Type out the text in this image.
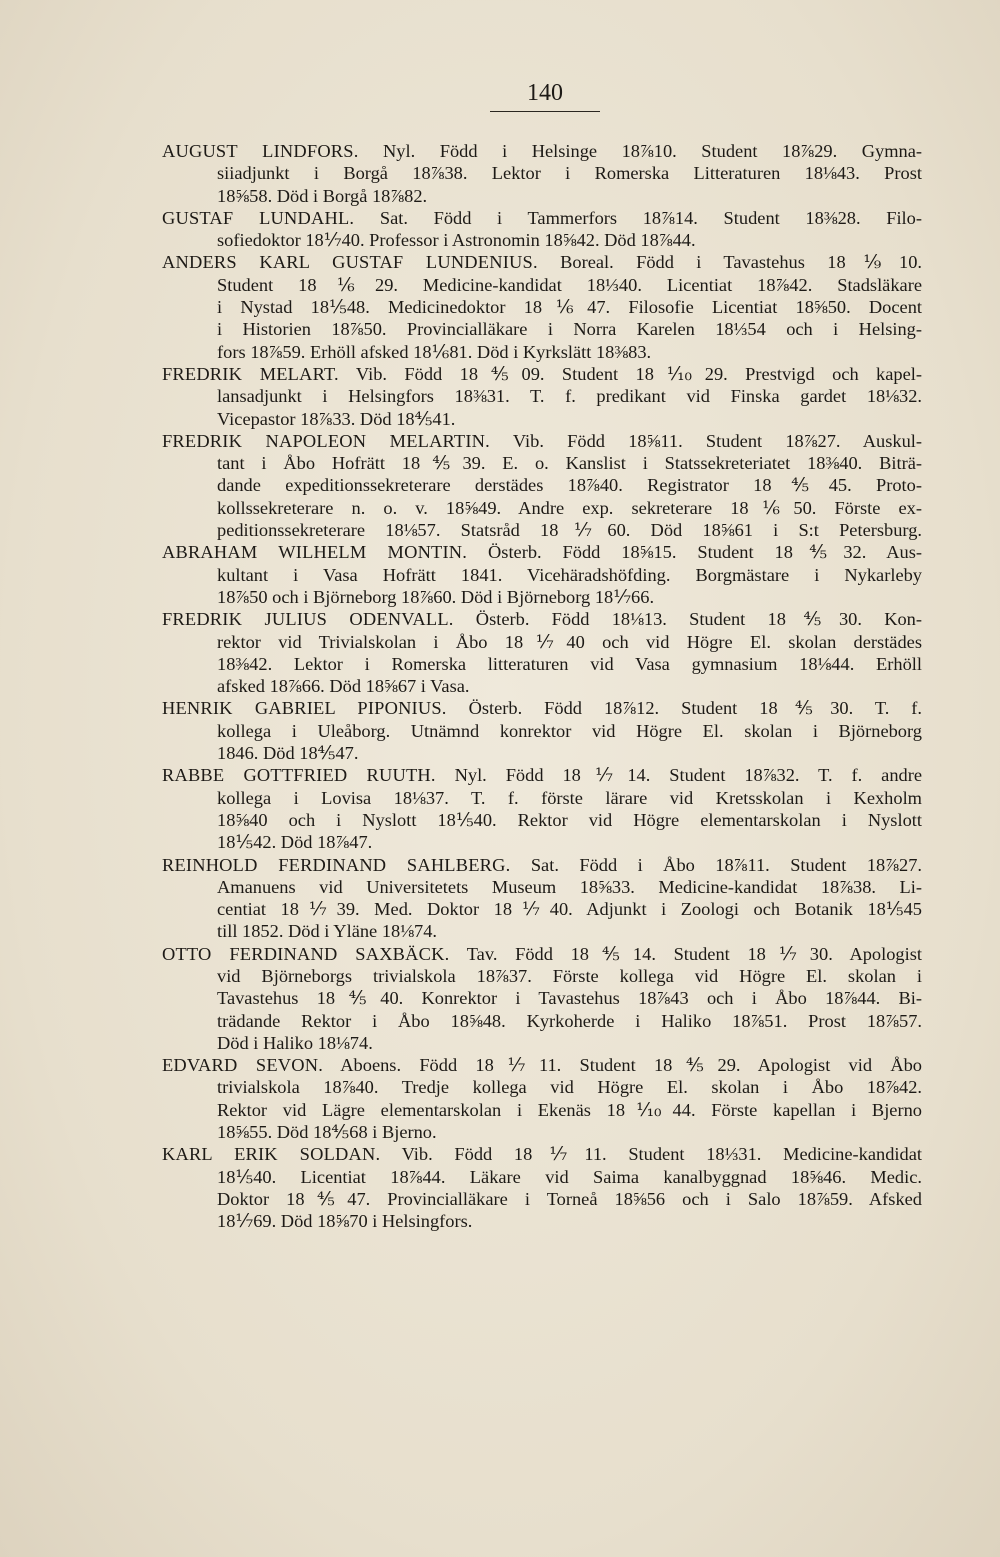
140
AUGUST LINDFORS. Nyl. Född i Helsinge 18⅞10. Student 18⅞29. Gymna-
siiadjunkt i Borgå 18⅞38. Lektor i Romerska Litteraturen 18⅛43. Prost
18⅝58. Död i Borgå 18⅞82.
GUSTAF LUNDAHL. Sat. Född i Tammerfors 18⅞14. Student 18⅜28. Filo-
sofiedoktor 18⅐40. Professor i Astronomin 18⅝42. Död 18⅞44.
ANDERS KARL GUSTAF LUNDENIUS. Boreal. Född i Tavastehus 18⅑10.
Student 18⅙29. Medicine-kandidat 18⅓40. Licentiat 18⅞42. Stadsläkare
i Nystad 18⅕48. Medicinedoktor 18⅙47. Filosofie Licentiat 18⅝50. Docent
i Historien 18⅞50. Provincialläkare i Norra Karelen 18⅓54 och i Helsing-
fors 18⅞59. Erhöll afsked 18⅙81. Död i Kyrkslätt 18⅜83.
FREDRIK MELART. Vib. Född 18⅘09. Student 18⅒29. Prestvigd och kapel-
lansadjunkt i Helsingfors 18⅜31. T. f. predikant vid Finska gardet 18⅛32.
Vicepastor 18⅞33. Död 18⅘41.
FREDRIK NAPOLEON MELARTIN. Vib. Född 18⅝11. Student 18⅞27. Auskul-
tant i Åbo Hofrätt 18⅘39. E. o. Kanslist i Statssekreteriatet 18⅜40. Biträ-
dande expeditionssekreterare derstädes 18⅞40. Registrator 18⅘45. Proto-
kollssekreterare n. o. v. 18⅝49. Andre exp. sekreterare 18⅙50. Förste ex-
peditionssekreterare 18⅛57. Statsråd 18⅐60. Död 18⅝61 i S:t Petersburg.
ABRAHAM WILHELM MONTIN. Österb. Född 18⅝15. Student 18⅘32. Aus-
kultant i Vasa Hofrätt 1841. Vicehäradshöfding. Borgmästare i Nykarleby
18⅞50 och i Björneborg 18⅞60. Död i Björneborg 18⅐66.
FREDRIK JULIUS ODENVALL. Österb. Född 18⅛13. Student 18⅘30. Kon-
rektor vid Trivialskolan i Åbo 18⅐40 och vid Högre El. skolan derstädes
18⅜42. Lektor i Romerska litteraturen vid Vasa gymnasium 18⅛44. Erhöll
afsked 18⅞66. Död 18⅝67 i Vasa.
HENRIK GABRIEL PIPONIUS. Österb. Född 18⅞12. Student 18⅘30. T. f.
kollega i Uleåborg. Utnämnd konrektor vid Högre El. skolan i Björneborg
1846. Död 18⅘47.
RABBE GOTTFRIED RUUTH. Nyl. Född 18⅐14. Student 18⅞32. T. f. andre
kollega i Lovisa 18⅛37. T. f. förste lärare vid Kretsskolan i Kexholm
18⅝40 och i Nyslott 18⅕40. Rektor vid Högre elementarskolan i Nyslott
18⅕42. Död 18⅞47.
REINHOLD FERDINAND SAHLBERG. Sat. Född i Åbo 18⅞11. Student 18⅞27.
Amanuens vid Universitetets Museum 18⅝33. Medicine-kandidat 18⅞38. Li-
centiat 18⅐39. Med. Doktor 18⅐40. Adjunkt i Zoologi och Botanik 18⅕45
till 1852. Död i Yläne 18⅛74.
OTTO FERDINAND SAXBÄCK. Tav. Född 18⅘14. Student 18⅐30. Apologist
vid Björneborgs trivialskola 18⅞37. Förste kollega vid Högre El. skolan i
Tavastehus 18⅘40. Konrektor i Tavastehus 18⅞43 och i Åbo 18⅞44. Bi-
trädande Rektor i Åbo 18⅝48. Kyrkoherde i Haliko 18⅞51. Prost 18⅞57.
Död i Haliko 18⅛74.
EDVARD SEVON. Aboens. Född 18⅐11. Student 18⅘29. Apologist vid Åbo
trivialskola 18⅞40. Tredje kollega vid Högre El. skolan i Åbo 18⅞42.
Rektor vid Lägre elementarskolan i Ekenäs 18⅒44. Förste kapellan i Bjerno
18⅝55. Död 18⅘68 i Bjerno.
KARL ERIK SOLDAN. Vib. Född 18⅐11. Student 18⅓31. Medicine-kandidat
18⅕40. Licentiat 18⅞44. Läkare vid Saima kanalbyggnad 18⅝46. Medic.
Doktor 18⅘47. Provincialläkare i Torneå 18⅝56 och i Salo 18⅞59. Afsked
18⅐69. Död 18⅝70 i Helsingfors.
